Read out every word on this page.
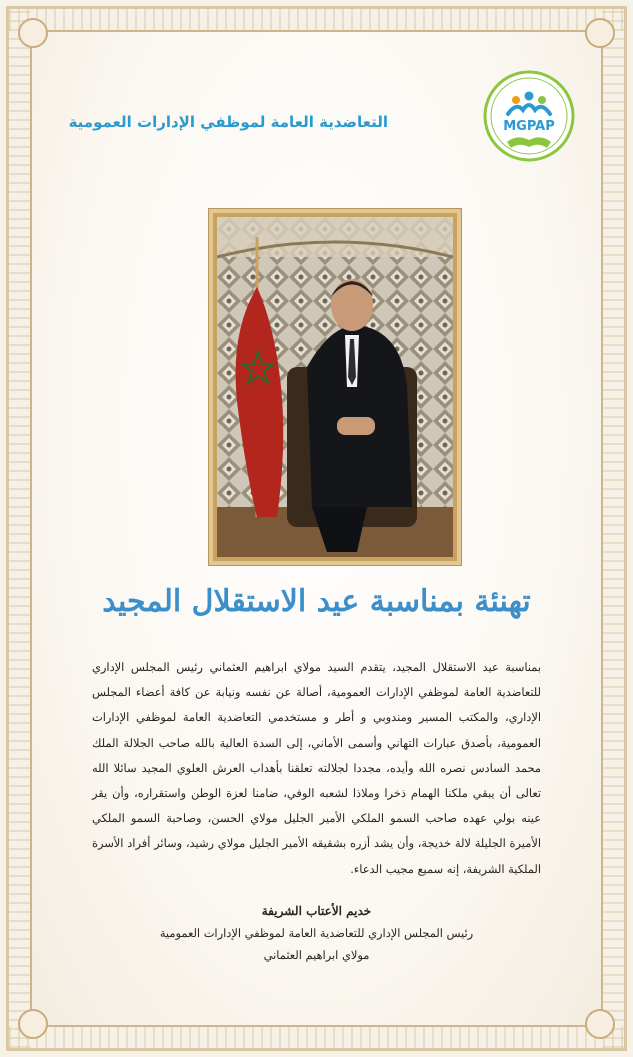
التعاضدية العامة لموظفي الإدارات العمومية	MGPAP
تهنئة بمناسبة عيد الاستقلال المجيد
بمناسبة عيد الاستقلال المجيد، يتقدم السيد مولاي ابراهيم العثماني رئيس المجلس الإداري للتعاضدية العامة لموظفي الإدارات العمومية، أصالة عن نفسه ونيابة عن كافة أعضاء المجلس الإداري، والمكتب المسير ومندوبي و أطر و مستخدمي التعاضدية العامة لموظفي الإدارات العمومية، بأصدق عبارات التهاني وأسمى الأماني، إلى السدة العالية بالله صاحب الجلالة الملك محمد السادس نصره الله وأيده، مجددا لجلالته تعلقنا بأهداب العرش العلوي المجيد سائلا الله تعالى أن يبقي ملكنا الهمام ذخرا وملاذا لشعبه الوفي، ضامنا لعزة الوطن واستقراره، وأن يقر عينه بولي عهده صاحب السمو الملكي الأمير الجليل مولاي الحسن، وصاحبة السمو الملكي الأميرة الجليلة لالة خديجة، وأن يشد أزره بشقيقه الأمير الجليل مولاي رشيد، وسائر أفراد الأسرة الملكية الشريفة، إنه سميع مجيب الدعاء.
خديم الأعتاب الشريفة
رئيس المجلس الإداري للتعاضدية العامة لموظفي الإدارات العمومية
مولاي ابراهيم العثماني
